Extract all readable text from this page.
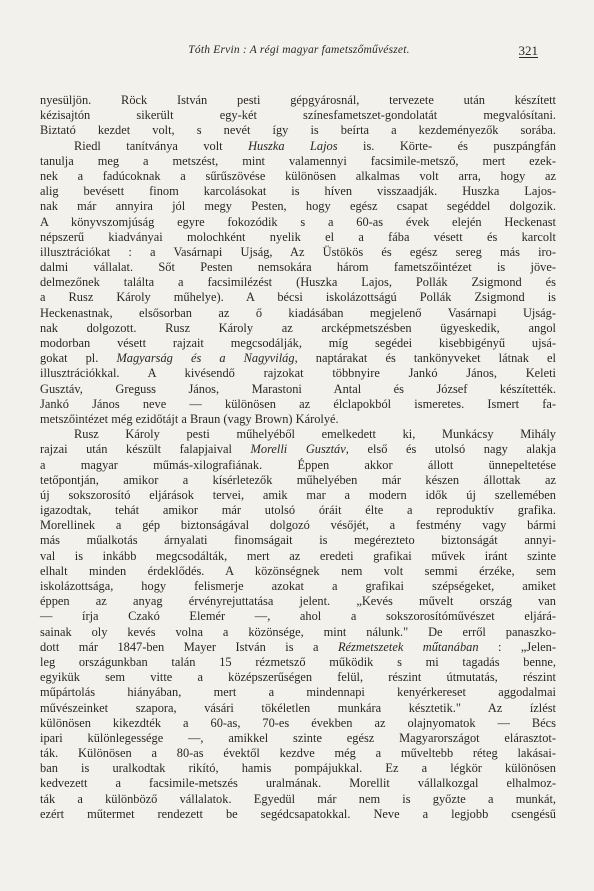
Tóth Ervin : A régi magyar fametszőművészet.	321
nyesüljön. Röck István pesti gépgyárosnál, tervezete után készített
kézisajtón sikerült egy-két színesfametszet-gondolatát megvalósítani.
Biztató kezdet volt, s nevét így is beírta a kezdeményezők sorába.
Riedl tanítványa volt Huszka Lajos is. Körte- és puszpángfán
tanulja meg a metszést, mint valamennyi facsimile-metsző, mert ezek-
nek a fadúcoknak a sűrűszövése különösen alkalmas volt arra, hogy az
alig bevésett finom karcolásokat is híven visszaadják. Huszka Lajos-
nak már annyira jól megy Pesten, hogy egész csapat segéddel dolgozik.
A könyvszomjúság egyre fokozódik s a 60-as évek elején Heckenast
népszerű kiadványai molochként nyelik el a fába vésett és karcolt
illusztrációkat : a Vasárnapi Ujság, Az Üstökös és egész sereg más iro-
dalmi vállalat. Sőt Pesten nemsokára három fametszőintézet is jöve-
delmezőnek találta a facsimilézést (Huszka Lajos, Pollák Zsigmond és
a Rusz Károly műhelye). A bécsi iskolázottságú Pollák Zsigmond is
Heckenastnak, elsősorban az ő kiadásában megjelenő Vasárnapi Ujság-
nak dolgozott. Rusz Károly az arcképmetszésben ügyeskedik, angol
modorban vésett rajzait megcsodálják, míg segédei kisebbigényű ujsá-
gokat pl. Magyarság és a Nagyvilág, naptárakat és tankönyveket látnak el
illusztrációkkal. A kivésendő rajzokat többnyire Jankó János, Keleti
Gusztáv, Greguss János, Marastoni Antal és József készítették.
Jankó János neve — különösen az élclapokból ismeretes. Ismert fa-
metszőintézet még ezidőtájt a Braun (vagy Brown) Károlyé.
Rusz Károly pesti műhelyéből emelkedett ki, Munkácsy Mihály
rajzai után készült falapjaival Morelli Gusztáv, első és utolsó nagy alakja
a magyar műmás-xilografiának. Éppen akkor állott ünnepeltetése
tetőpontján, amikor a kísérletezők műhelyében már készen állottak az
új sokszorosító eljárások tervei, amik mar a modern idők új szellemében
igazodtak, tehát amikor már utolsó óráit élte a reproduktív grafika.
Morellinek a gép biztonságával dolgozó vésőjét, a festmény vagy bármi
más műalkotás árnyalati finomságait is megérezteto biztonságát annyi-
val is inkább megcsodálták, mert az eredeti grafikai művek iránt szinte
elhalt minden érdeklődés. A közönségnek nem volt semmi érzéke, sem
iskolázottsága, hogy felismerje azokat a grafikai szépségeket, amiket
éppen az anyag érvényrejuttatása jelent. „Kevés művelt ország van
— írja Czakó Elemér —, ahol a sokszorosítóművészet eljárá-
sainak oly kevés volna a közönsége, mint nálunk." De erről panaszko-
dott már 1847-ben Mayer István is a Rézmetszetek műtanában : „Jelen-
leg országunkban talán 15 rézmetsző működik s mi tagadás benne,
egyikük sem vitte a középszerűségen felül, részint útmutatás, részint
műpártolás hiányában, mert a mindennapi kenyérkereset aggodalmai
művészeinket szapora, vásári tökéletlen munkára késztetik." Az ízlést
különösen kikezdték a 60-as, 70-es években az olajnyomatok — Bécs
ipari különlegessége —, amikkel szinte egész Magyarországot elárasztot-
ták. Különösen a 80-as évektől kezdve még a műveltebb réteg lakásai-
ban is uralkodtak rikító, hamis pompájukkal. Ez a légkör különösen
kedvezett a facsimile-metszés uralmának. Morellit vállalkozgal elhalmoz-
ták a különböző vállalatok. Egyedül már nem is győzte a munkát,
ezért műtermet rendezett be segédcsapatokkal. Neve a legjobb csengésű
